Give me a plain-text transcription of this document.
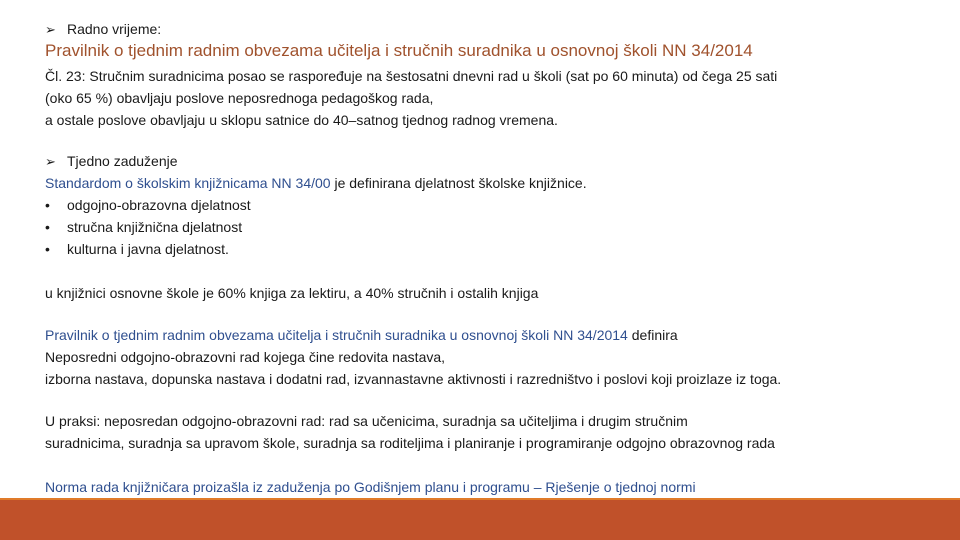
➢ Radno vrijeme:
Pravilnik o tjednim radnim obvezama učitelja i stručnih suradnika u osnovnoj školi NN 34/2014
Čl. 23: Stručnim suradnicima posao se raspoređuje na šestosatni dnevni rad u školi (sat po 60 minuta) od čega 25 sati
(oko 65 %) obavljaju poslove neposrednoga pedagoškog rada,
a ostale poslove obavljaju u sklopu satnice do 40–satnog tjednog radnog vremena.
➢ Tjedno zaduženje
Standardom o školskim knjižnicama NN 34/00 je definirana djelatnost školske knjižnice.
• odgojno-obrazovna djelatnost
• stručna knjižnična djelatnost
• kulturna i javna djelatnost.
u knjižnici osnovne škole je 60% knjiga za lektiru, a 40% stručnih i ostalih knjiga
Pravilnik o tjednim radnim obvezama učitelja i stručnih suradnika u osnovnoj školi NN 34/2014 definira
Neposredni odgojno-obrazovni rad kojega čine redovita nastava,
izborna nastava, dopunska nastava i dodatni rad, izvannastavne aktivnosti i razredništvo i poslovi koji proizlaze iz toga.
U praksi: neposredan odgojno-obrazovni rad: rad sa učenicima, suradnja sa učiteljima i drugim stručnim
suradnicima, suradnja sa upravom škole, suradnja sa roditeljima i planiranje i programiranje odgojno obrazovnog rada
Norma rada knjižničara proizašla iz zaduženja po Godišnjem planu i programu – Rješenje o tjednoj normi
